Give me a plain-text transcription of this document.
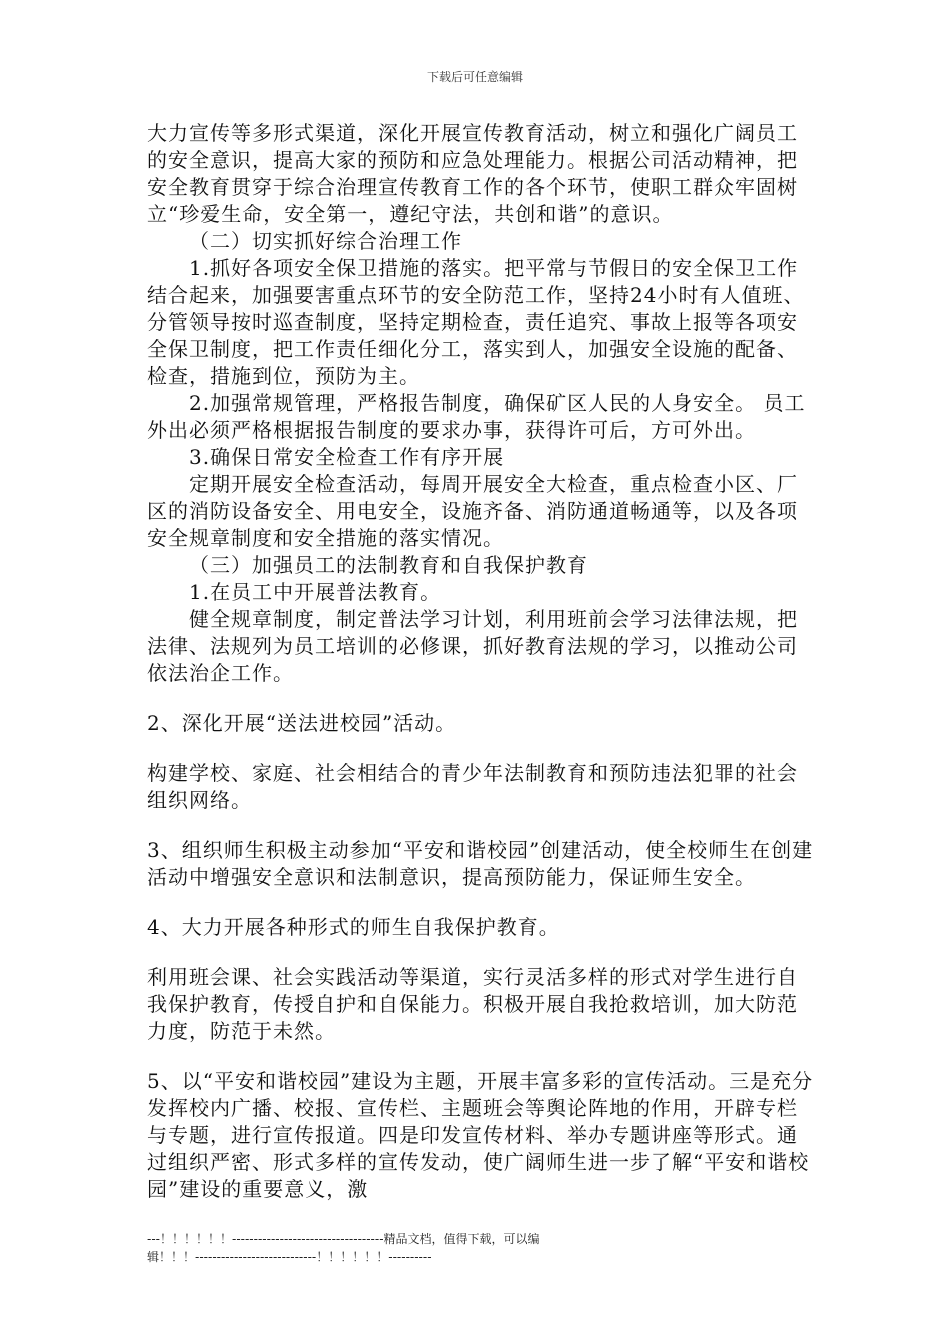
下载后可任意编辑

大力宣传等多形式渠道，深化开展宣传教育活动，树立和强化广阔员工的安全意识，提高大家的预防和应急处理能力。根据公司活动精神，把安全教育贯穿于综合治理宣传教育工作的各个环节，使职工群众牢固树立“珍爱生命，安全第一，遵纪守法，共创和谐”的意识。

（二）切实抓好综合治理工作

1.抓好各项安全保卫措施的落实。把平常与节假日的安全保卫工作结合起来，加强要害重点环节的安全防范工作，坚持24小时有人值班、分管领导按时巡查制度，坚持定期检查，责任追究、事故上报等各项安全保卫制度，把工作责任细化分工，落实到人，加强安全设施的配备、检查，措施到位，预防为主。

2.加强常规管理，严格报告制度，确保矿区人民的人身安全。 员工外出必须严格根据报告制度的要求办事，获得许可后，方可外出。

3.确保日常安全检查工作有序开展

定期开展安全检查活动，每周开展安全大检查，重点检查小区、厂区的消防设备安全、用电安全，设施齐备、消防通道畅通等，以及各项安全规章制度和安全措施的落实情况。

（三）加强员工的法制教育和自我保护教育

1.在员工中开展普法教育。

健全规章制度，制定普法学习计划，利用班前会学习法律法规，把法律、法规列为员工培训的必修课，抓好教育法规的学习，以推动公司依法治企工作。

2、深化开展“送法进校园”活动。

构建学校、家庭、社会相结合的青少年法制教育和预防违法犯罪的社会组织网络。

3、组织师生积极主动参加“平安和谐校园”创建活动，使全校师生在创建活动中增强安全意识和法制意识，提高预防能力，保证师生安全。

4、大力开展各种形式的师生自我保护教育。

利用班会课、社会实践活动等渠道，实行灵活多样的形式对学生进行自我保护教育，传授自护和自保能力。积极开展自我抢救培训，加大防范力度，防范于未然。

5、以“平安和谐校园”建设为主题，开展丰富多彩的宣传活动。三是充分发挥校内广播、校报、宣传栏、主题班会等舆论阵地的作用，开辟专栏与专题，进行宣传报道。四是印发宣传材料、举办专题讲座等形式。通过组织严密、形式多样的宣传发动，使广阔师生进一步了解“平安和谐校园”建设的重要意义，激

---！！！！！！-----------------------------------精品文档，值得下载，可以编

辑！！！----------------------------！！！！！！----------
